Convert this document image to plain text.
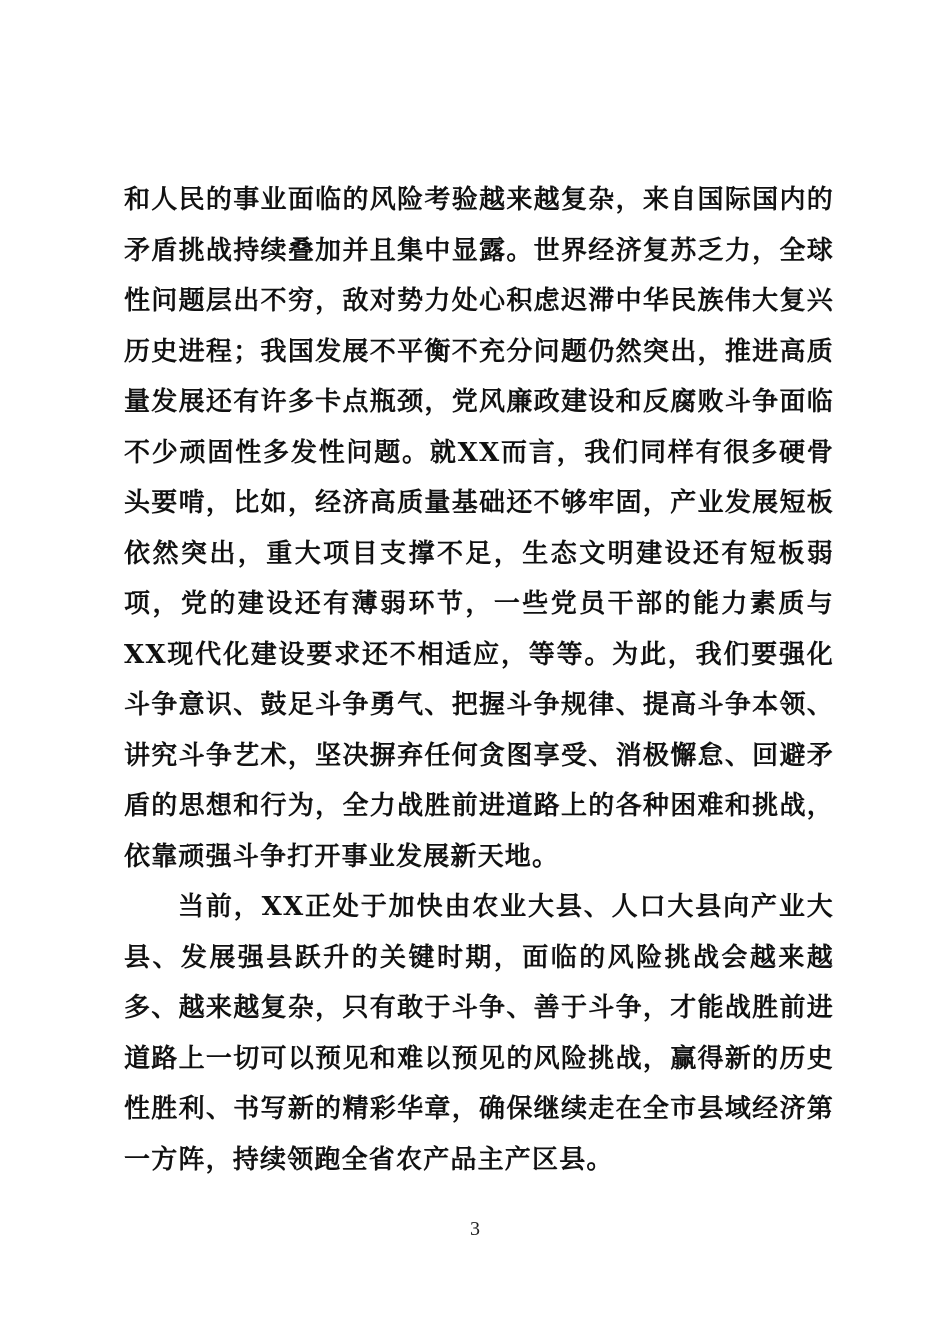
和人民的事业面临的风险考验越来越复杂，来自国际国内的矛盾挑战持续叠加并且集中显露。世界经济复苏乏力，全球性问题层出不穷，敌对势力处心积虑迟滞中华民族伟大复兴历史进程；我国发展不平衡不充分问题仍然突出，推进高质量发展还有许多卡点瓶颈，党风廉政建设和反腐败斗争面临不少顽固性多发性问题。就XX而言，我们同样有很多硬骨头要啃，比如，经济高质量基础还不够牢固，产业发展短板依然突出，重大项目支撑不足，生态文明建设还有短板弱项，党的建设还有薄弱环节，一些党员干部的能力素质与XX现代化建设要求还不相适应，等等。为此，我们要强化斗争意识、鼓足斗争勇气、把握斗争规律、提高斗争本领、讲究斗争艺术，坚决摒弃任何贪图享受、消极懈怠、回避矛盾的思想和行为，全力战胜前进道路上的各种困难和挑战，依靠顽强斗争打开事业发展新天地。

当前，XX正处于加快由农业大县、人口大县向产业大县、发展强县跃升的关键时期，面临的风险挑战会越来越多、越来越复杂，只有敢于斗争、善于斗争，才能战胜前进道路上一切可以预见和难以预见的风险挑战，赢得新的历史性胜利、书写新的精彩华章，确保继续走在全市县域经济第一方阵，持续领跑全省农产品主产区县。

3
